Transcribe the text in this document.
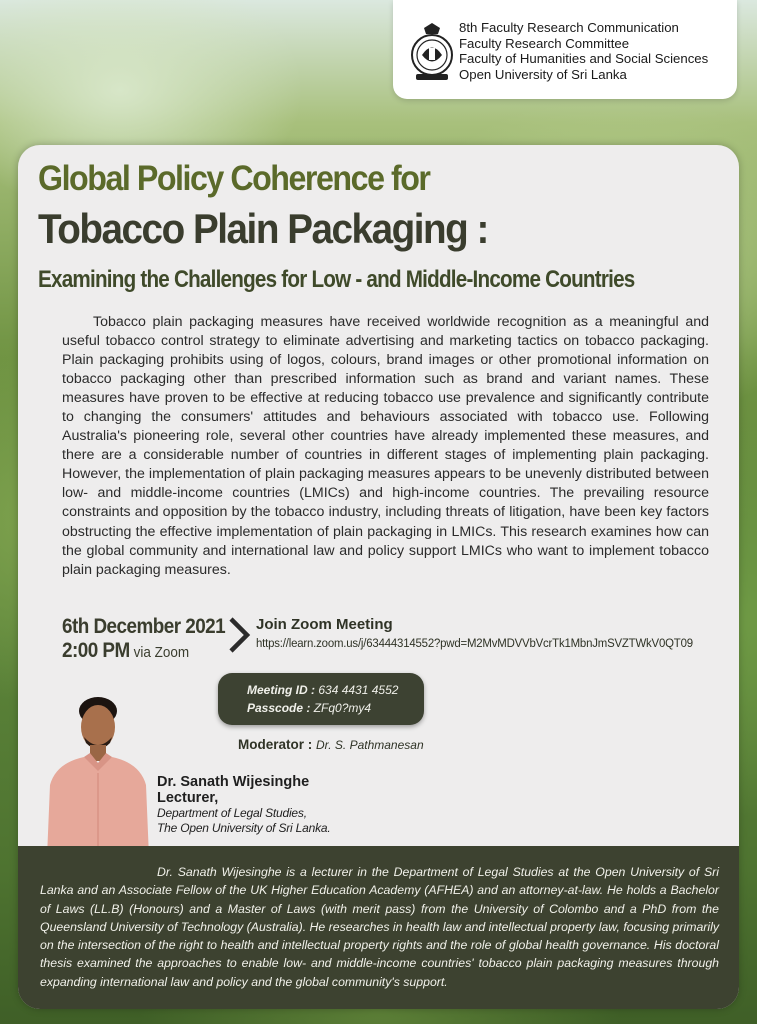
8th Faculty Research Communication
Faculty Research Committee
Faculty of Humanities and Social Sciences
Open University of Sri Lanka
Global Policy Coherence for
Tobacco Plain Packaging :
Examining the Challenges for Low - and Middle-Income Countries

Tobacco plain packaging measures have received worldwide recognition as a meaningful and useful tobacco control strategy to eliminate advertising and marketing tactics on tobacco packaging. Plain packaging prohibits using of logos, colours, brand images or other promotional information on tobacco packaging other than prescribed information such as brand and variant names. These measures have proven to be effective at reducing tobacco use prevalence and significantly contribute to changing the consumers' attitudes and behaviours associated with tobacco use. Following Australia's pioneering role, several other countries have already implemented these measures, and there are a considerable number of countries in different stages of implementing plain packaging. However, the implementation of plain packaging measures appears to be unevenly distributed between low- and middle-income countries (LMICs) and high-income countries. The prevailing resource constraints and opposition by the tobacco industry, including threats of litigation, have been key factors obstructing the effective implementation of plain packaging in LMICs. This research examines how can the global community and international law and policy support LMICs who want to implement tobacco plain packaging measures.

6th December 2021
2:00 PM via Zoom
Join Zoom Meeting
https://learn.zoom.us/j/63444314552?pwd=M2MvMDVVbVcrTk1MbnJmSVZTWkV0QT09
Meeting ID : 634 4431 4552
Passcode : ZFq0?my4
Moderator : Dr. S. Pathmanesan
Dr. Sanath Wijesinghe
Lecturer,
Department of Legal Studies,
The Open University of Sri Lanka.

Dr. Sanath Wijesinghe is a lecturer in the Department of Legal Studies at the Open University of Sri Lanka and an Associate Fellow of the UK Higher Education Academy (AFHEA) and an attorney-at-law. He holds a Bachelor of Laws (LL.B) (Honours) and a Master of Laws (with merit pass) from the University of Colombo and a PhD from the Queensland University of Technology (Australia). He researches in health law and intellectual property law, focusing primarily on the intersection of the right to health and intellectual property rights and the role of global health governance. His doctoral thesis examined the approaches to enable low- and middle-income countries' tobacco plain packaging measures through expanding international law and policy and the global community's support.
